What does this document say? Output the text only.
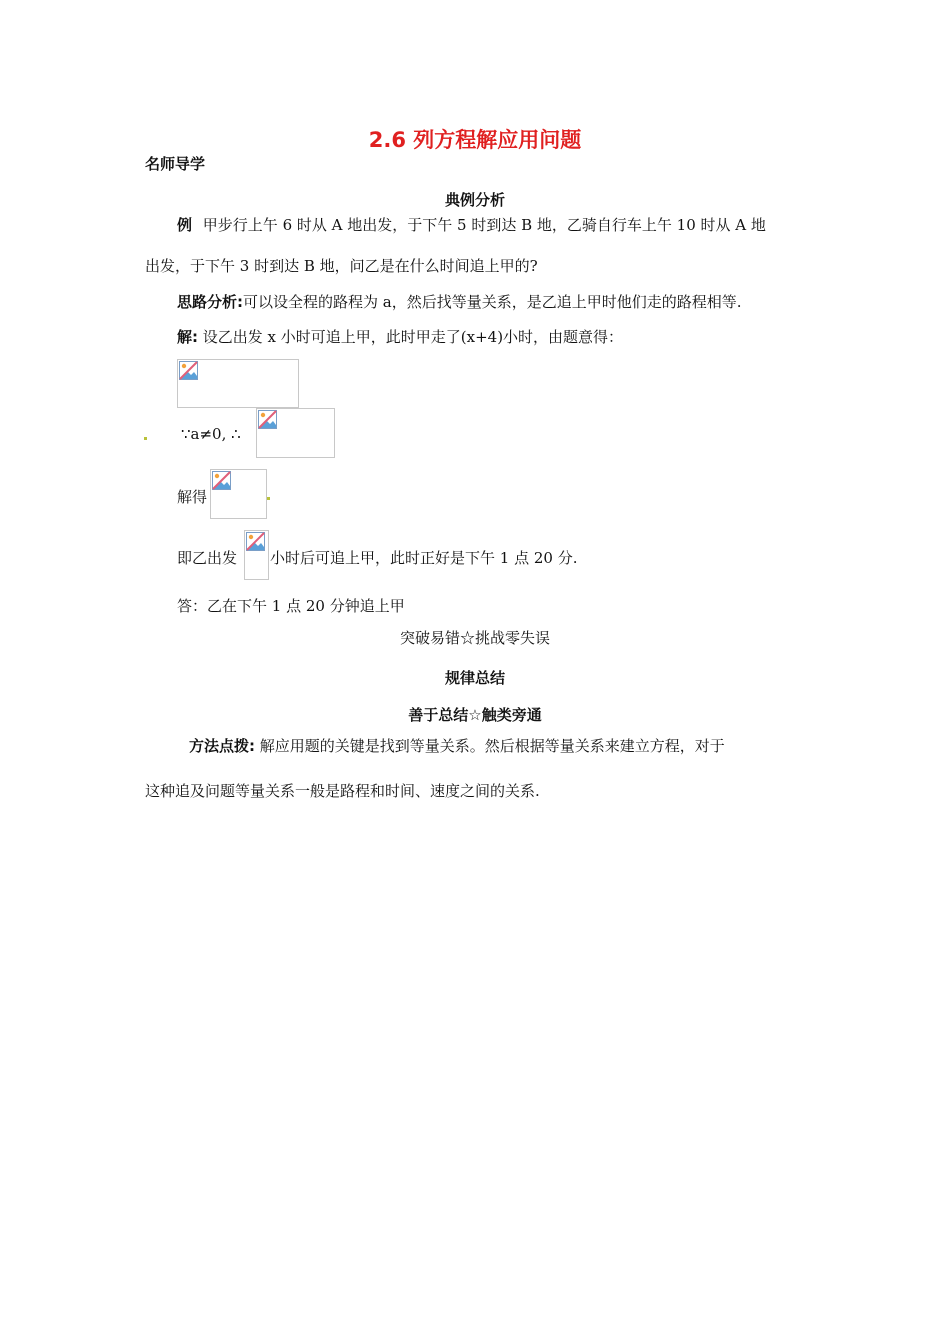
2.6 列方程解应用问题
名师导学
典例分析
例 甲步行上午 6 时从 A 地出发，于下午 5 时到达 B 地，乙骑自行车上午 10 时从 A 地
出发，于下午 3 时到达 B 地，问乙是在什么时间追上甲的?
思路分析:可以设全程的路程为 a，然后找等量关系，是乙追上甲时他们走的路程相等.
解: 设乙出发 x 小时可追上甲，此时甲走了(x+4)小时，由题意得：
∵a≠0, ∴
解得
即乙出发 小时后可追上甲，此时正好是下午 1 点 20 分.
答：乙在下午 1 点 20 分钟追上甲
突破易错☆挑战零失误
规律总结
善于总结☆触类旁通
方法点拨: 解应用题的关键是找到等量关系。然后根据等量关系来建立方程，对于
这种追及问题等量关系一般是路程和时间、速度之间的关系.
